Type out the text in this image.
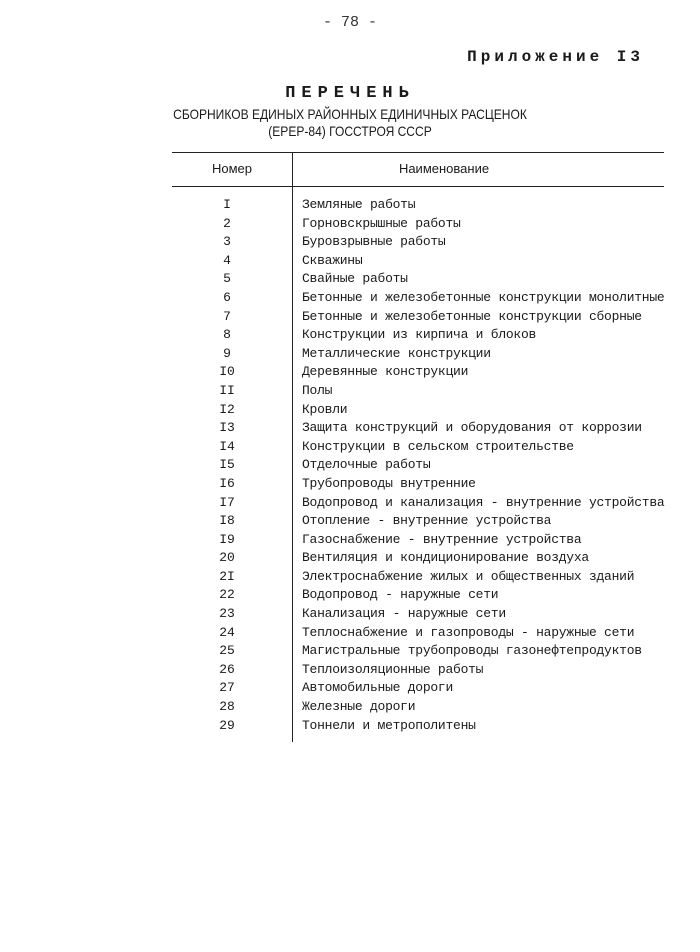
- 78 -
Приложение I3
ПЕРЕЧЕНЬ
СБОРНИКОВ ЕДИНЫХ РАЙОННЫХ ЕДИНИЧНЫХ РАСЦЕНОК
(ЕРЕР-84) ГОССТРОЯ СССР
Номер	Наименование
I	Земляные работы
2	Горновскрышные работы
3	Буровзрывные работы
4	Скважины
5	Свайные работы
6	Бетонные и железобетонные конструкции монолитные
7	Бетонные и железобетонные конструкции сборные
8	Конструкции из кирпича и блоков
9	Металлические конструкции
I0	Деревянные конструкции
II	Полы
I2	Кровли
I3	Защита конструкций и оборудования от коррозии
I4	Конструкции в сельском строительстве
I5	Отделочные работы
I6	Трубопроводы внутренние
I7	Водопровод и канализация - внутренние устройства
I8	Отопление - внутренние устройства
I9	Газоснабжение - внутренние устройства
20	Вентиляция и кондиционирование воздуха
2I	Электроснабжение жилых и общественных зданий
22	Водопровод - наружные сети
23	Канализация - наружные сети
24	Теплоснабжение и газопроводы - наружные сети
25	Магистральные трубопроводы газонефтепродуктов
26	Теплоизоляционные работы
27	Автомобильные дороги
28	Железные дороги
29	Тоннели и метрополитены
